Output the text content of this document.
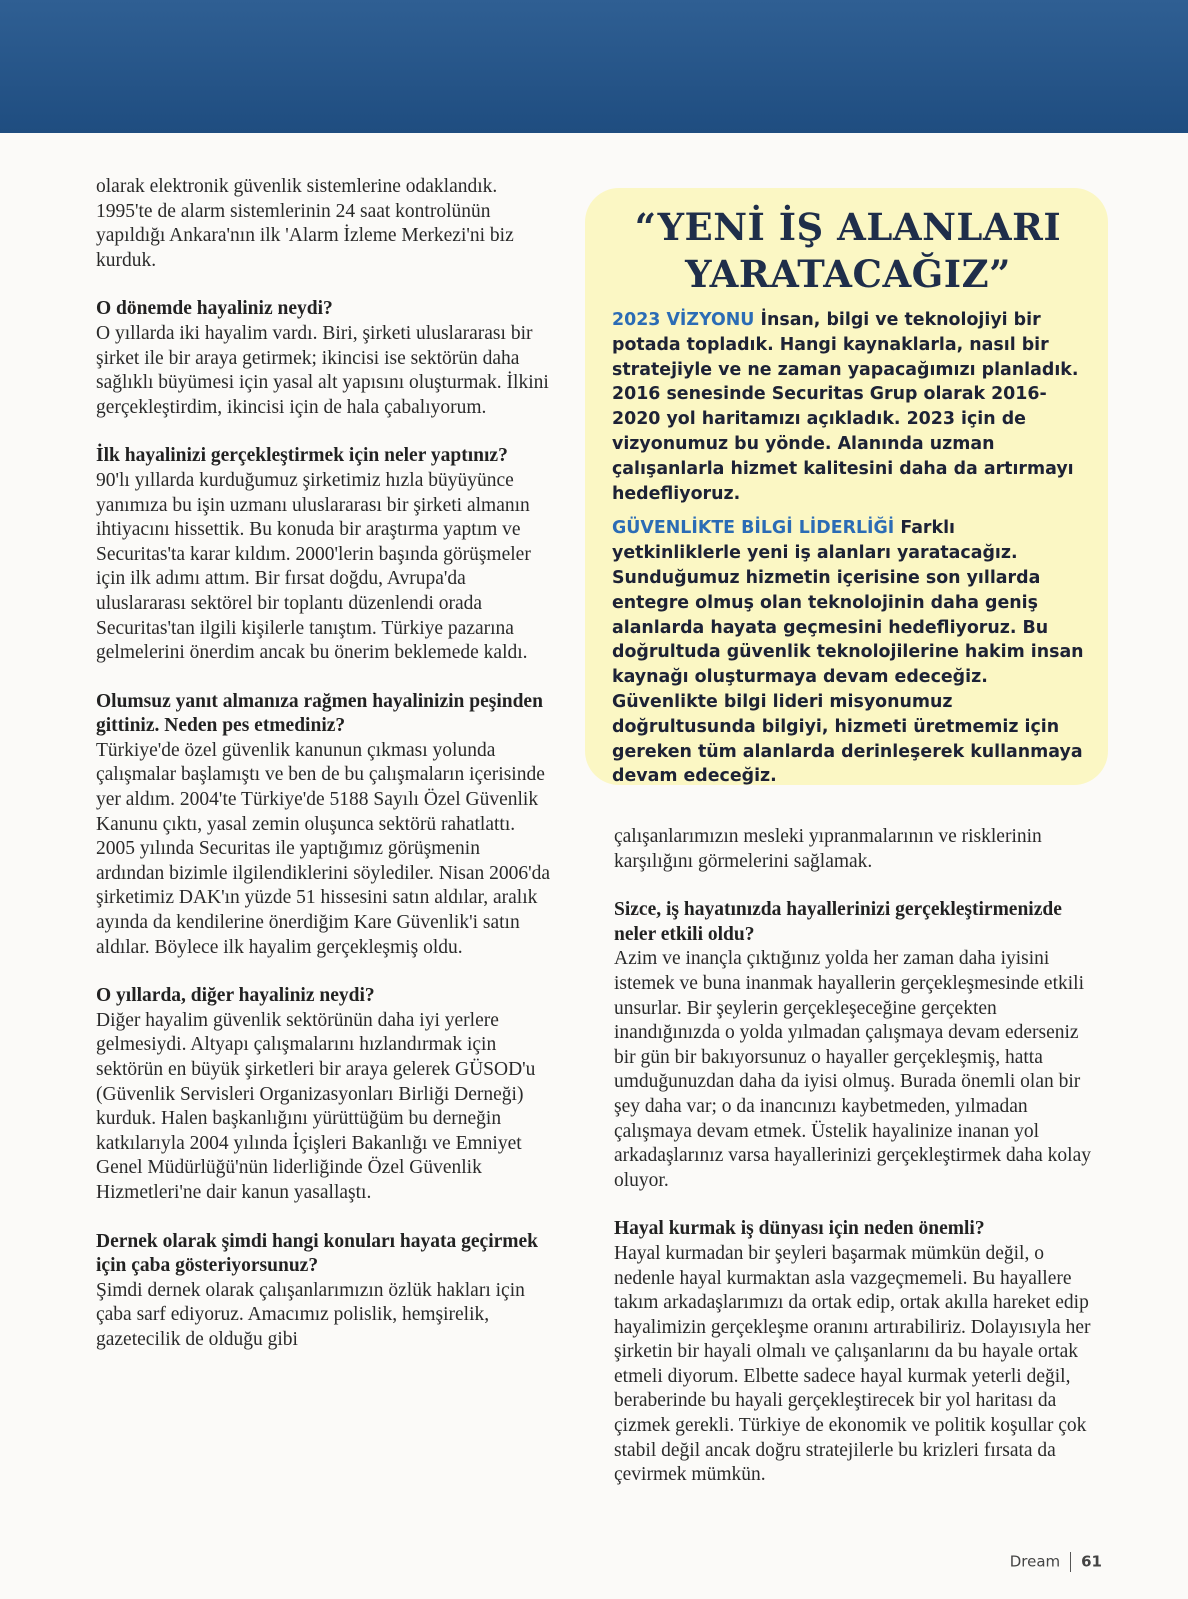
olarak elektronik güvenlik sistemlerine odaklandık. 1995'te de alarm sistemlerinin 24 saat kontrolünün yapıldığı Ankara'nın ilk 'Alarm İzleme Merkezi'ni biz kurduk.

O dönemde hayaliniz neydi?

O yıllarda iki hayalim vardı. Biri, şirketi uluslararası bir şirket ile bir araya getirmek; ikincisi ise sektörün daha sağlıklı büyümesi için yasal alt yapısını oluşturmak. İlkini gerçekleştirdim, ikincisi için de hala çabalıyorum.

İlk hayalinizi gerçekleştirmek için neler yaptınız?

90'lı yıllarda kurduğumuz şirketimiz hızla büyüyünce yanımıza bu işin uzmanı uluslararası bir şirketi almanın ihtiyacını hissettik. Bu konuda bir araştırma yaptım ve Securitas'ta karar kıldım. 2000'lerin başında görüşmeler için ilk adımı attım. Bir fırsat doğdu, Avrupa'da uluslararası sektörel bir toplantı düzenlendi orada Securitas'tan ilgili kişilerle tanıştım. Türkiye pazarına gelmelerini önerdim ancak bu önerim beklemede kaldı.

Olumsuz yanıt almanıza rağmen hayalinizin peşinden gittiniz. Neden pes etmediniz?

Türkiye'de özel güvenlik kanunun çıkması yolunda çalışmalar başlamıştı ve ben de bu çalışmaların içerisinde yer aldım. 2004'te Türkiye'de 5188 Sayılı Özel Güvenlik Kanunu çıktı, yasal zemin oluşunca sektörü rahatlattı. 2005 yılında Securitas ile yaptığımız görüşmenin ardından bizimle ilgilendiklerini söylediler. Nisan 2006'da şirketimiz DAK'ın yüzde 51 hissesini satın aldılar, aralık ayında da kendilerine önerdiğim Kare Güvenlik'i satın aldılar. Böylece ilk hayalim gerçekleşmiş oldu.

O yıllarda, diğer hayaliniz neydi?

Diğer hayalim güvenlik sektörünün daha iyi yerlere gelmesiydi. Altyapı çalışmalarını hızlandırmak için sektörün en büyük şirketleri bir araya gelerek GÜSOD'u (Güvenlik Servisleri Organizasyonları Birliği Derneği) kurduk. Halen başkanlığını yürüttüğüm bu derneğin katkılarıyla 2004 yılında İçişleri Bakanlığı ve Emniyet Genel Müdürlüğü'nün liderliğinde Özel Güvenlik Hizmetleri'ne dair kanun yasallaştı.

Dernek olarak şimdi hangi konuları hayata geçirmek için çaba gösteriyorsunuz?

Şimdi dernek olarak çalışanlarımızın özlük hakları için çaba sarf ediyoruz. Amacımız polislik, hemşirelik, gazetecilik de olduğu gibi

“YENİ İŞ ALANLARI YARATACAĞIZ”

2023 VİZYONU İnsan, bilgi ve teknolojiyi bir potada topladık. Hangi kaynaklarla, nasıl bir stratejiyle ve ne zaman yapacağımızı planladık. 2016 senesinde Securitas Grup olarak 2016-2020 yol haritamızı açıkladık. 2023 için de vizyonumuz bu yönde. Alanında uzman çalışanlarla hizmet kalitesini daha da artırmayı hedefliyoruz.

GÜVENLİKTE BİLGİ LİDERLİĞİ Farklı yetkinliklerle yeni iş alanları yaratacağız. Sunduğumuz hizmetin içerisine son yıllarda entegre olmuş olan teknolojinin daha geniş alanlarda hayata geçmesini hedefliyoruz. Bu doğrultuda güvenlik teknolojilerine hakim insan kaynağı oluşturmaya devam edeceğiz. Güvenlikte bilgi lideri misyonumuz doğrultusunda bilgiyi, hizmeti üretmemiz için gereken tüm alanlarda derinleşerek kullanmaya devam edeceğiz.

çalışanlarımızın mesleki yıpranmalarının ve risklerinin karşılığını görmelerini sağlamak.

Sizce, iş hayatınızda hayallerinizi gerçekleştirmenizde neler etkili oldu?

Azim ve inançla çıktığınız yolda her zaman daha iyisini istemek ve buna inanmak hayallerin gerçekleşmesinde etkili unsurlar. Bir şeylerin gerçekleşeceğine gerçekten inandığınızda o yolda yılmadan çalışmaya devam ederseniz bir gün bir bakıyorsunuz o hayaller gerçekleşmiş, hatta umduğunuzdan daha da iyisi olmuş. Burada önemli olan bir şey daha var; o da inancınızı kaybetmeden, yılmadan çalışmaya devam etmek. Üstelik hayalinize inanan yol arkadaşlarınız varsa hayallerinizi gerçekleştirmek daha kolay oluyor.

Hayal kurmak iş dünyası için neden önemli?

Hayal kurmadan bir şeyleri başarmak mümkün değil, o nedenle hayal kurmaktan asla vazgeçmemeli. Bu hayallere takım arkadaşlarımızı da ortak edip, ortak akılla hareket edip hayalimizin gerçekleşme oranını artırabiliriz. Dolayısıyla her şirketin bir hayali olmalı ve çalışanlarını da bu hayale ortak etmeli diyorum. Elbette sadece hayal kurmak yeterli değil, beraberinde bu hayali gerçekleştirecek bir yol haritası da çizmek gerekli. Türkiye de ekonomik ve politik koşullar çok stabil değil ancak doğru stratejilerle bu krizleri fırsata da çevirmek mümkün.

Dream 61
